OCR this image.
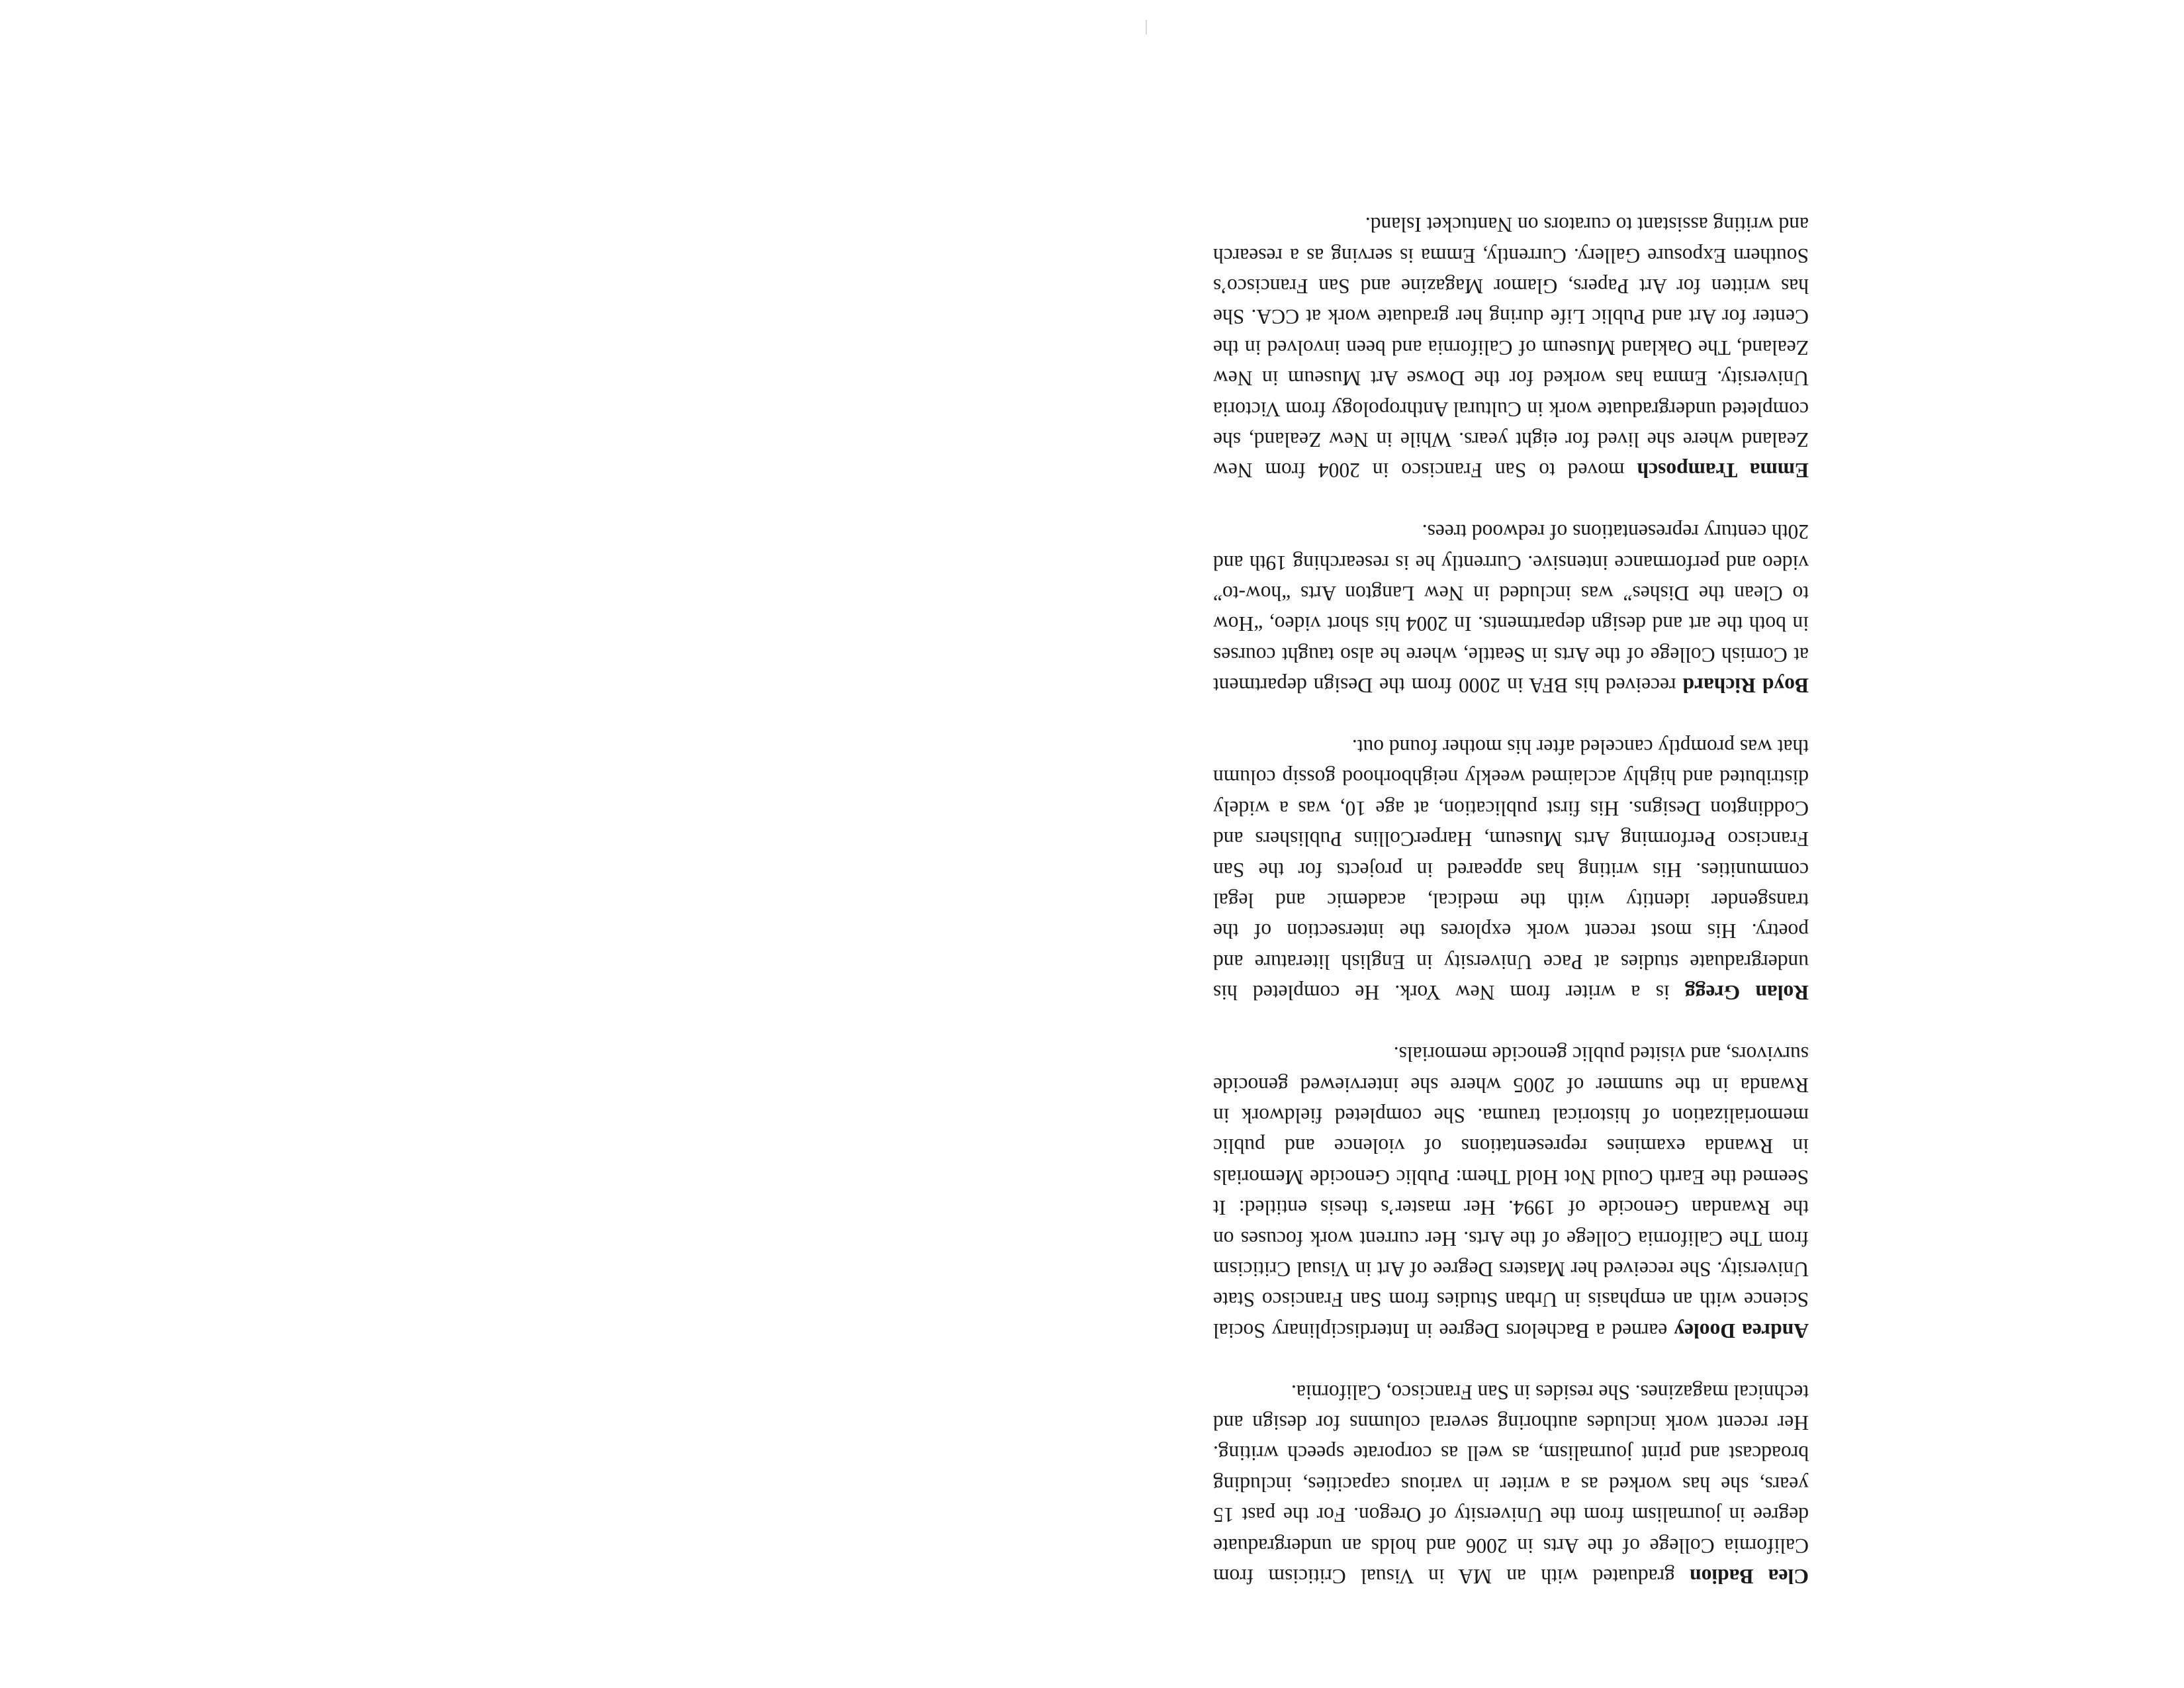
Clea Badion graduated with an MA in Visual Criticism from California College of the Arts in 2006 and holds an undergraduate degree in journalism from the University of Oregon. For the past 15 years, she has worked as a writer in various capacities, including broadcast and print journalism, as well as corporate speech writing. Her recent work includes authoring several columns for design and technical magazines. She resides in San Francisco, California.

Andrea Dooley earned a Bachelors Degree in Interdisciplinary Social Science with an emphasis in Urban Studies from San Francisco State University. She received her Masters Degree of Art in Visual Criticism from The California College of the Arts. Her current work focuses on the Rwandan Genocide of 1994. Her master’s thesis entitled: It Seemed the Earth Could Not Hold Them: Public Genocide Memorials in Rwanda examines representations of violence and public memorialization of historical trauma. She completed fieldwork in Rwanda in the summer of 2005 where she interviewed genocide survivors, and visited public genocide memorials.

Rolan Gregg is a writer from New York. He completed his undergraduate studies at Pace University in English literature and poetry. His most recent work explores the intersection of the transgender identity with the medical, academic and legal communities. His writing has appeared in projects for the San Francisco Performing Arts Museum, HarperCollins Publishers and Coddington Designs. His first publication, at age 10, was a widely distributed and highly acclaimed weekly neighborhood gossip column that was promptly canceled after his mother found out.

Boyd Richard received his BFA in 2000 from the Design department at Cornish College of the Arts in Seattle, where he also taught courses in both the art and design departments. In 2004 his short video, “How to Clean the Dishes” was included in New Langton Arts “how-to” video and performance intensive. Currently he is researching 19th and 20th century representations of redwood trees.

Emma Tramposch moved to San Francisco in 2004 from New Zealand where she lived for eight years. While in New Zealand, she completed undergraduate work in Cultural Anthropology from Victoria University. Emma has worked for the Dowse Art Museum in New Zealand, The Oakland Museum of California and been involved in the Center for Art and Public Life during her graduate work at CCA. She has written for Art Papers, Glamor Magazine and San Francisco’s Southern Exposure Gallery. Currently, Emma is serving as a research and writing assistant to curators on Nantucket Island.
